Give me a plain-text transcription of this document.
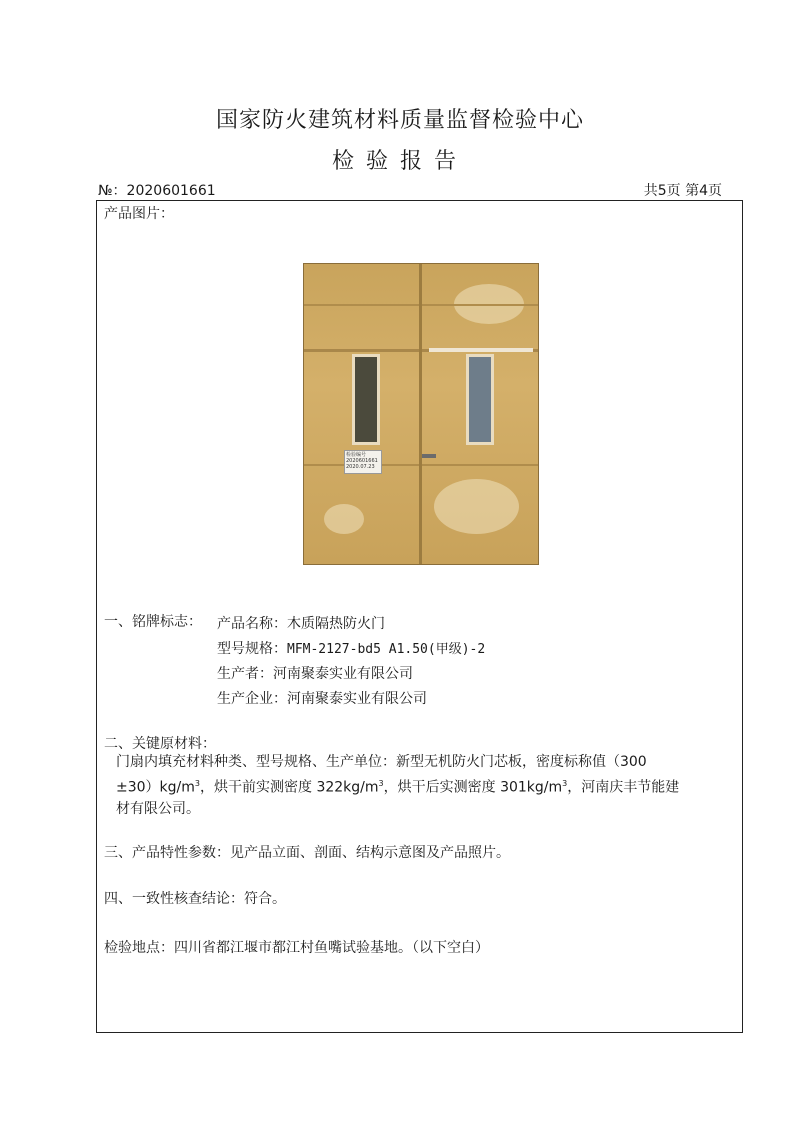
国家防火建筑材料质量监督检验中心
检验报告
№：2020601661	共5页 第4页
产品图片：
检验编号
2020601661
2020.07.23
一、铭牌标志： 产品名称：木质隔热防火门
型号规格：MFM-2127-bd5 A1.50(甲级)-2
生产者：河南聚泰实业有限公司
生产企业：河南聚泰实业有限公司
二、关键原材料：
门扇内填充材料种类、型号规格、生产单位：新型无机防火门芯板，密度标称值（300
$\pm 30)kg/m^3$，烘干前实测密度 $322kg/m^3$，烘干后实测密度 $301kg/m^3$，河南庆丰节能建
材有限公司。
三、产品特性参数：见产品立面、剖面、结构示意图及产品照片。
四、一致性核查结论：符合。
检验地点：四川省都江堰市都江村鱼嘴试验基地。（以下空白）
